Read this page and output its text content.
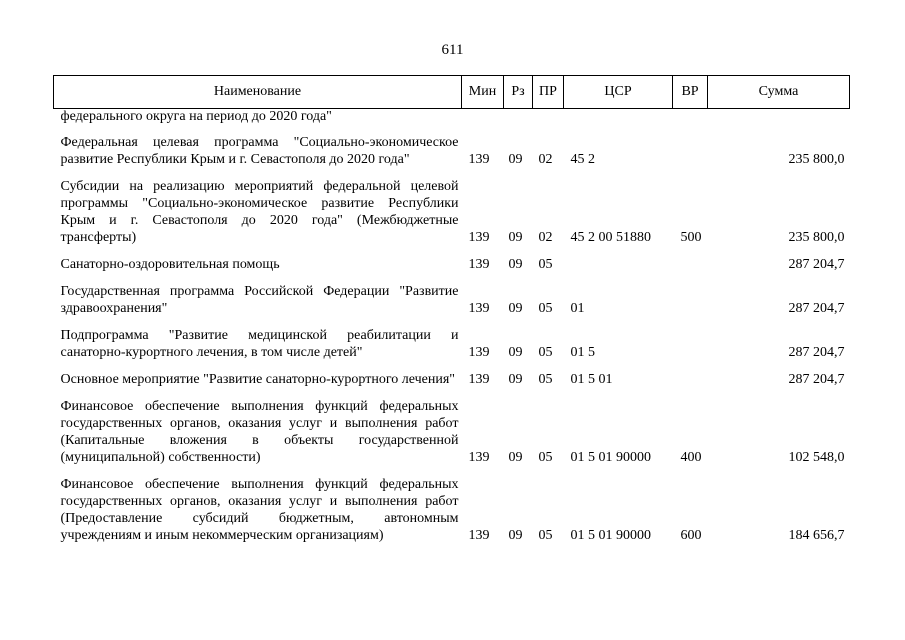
611
Наименование	Мин	Рз	ПР	ЦСР	ВР	Сумма
федерального округа на период до 2020 года"						

Федеральная целевая программа "Социально-экономическое развитие Республики Крым и г. Севастополя до 2020 года"	139	09	02	45 2		235 800,0

Субсидии на реализацию мероприятий федеральной целевой программы "Социально-экономическое развитие Республики Крым и г. Севастополя до 2020 года" (Межбюджетные трансферты)	139	09	02	45 2 00 51880	500	235 800,0

Санаторно-оздоровительная помощь	139	09	05			287 204,7

Государственная программа Российской Федерации "Развитие здравоохранения"	139	09	05	01		287 204,7

Подпрограмма "Развитие медицинской реабилитации и санаторно-курортного лечения, в том числе детей"	139	09	05	01 5		287 204,7

Основное мероприятие "Развитие санаторно-курортного лечения"	139	09	05	01 5 01		287 204,7

Финансовое обеспечение выполнения функций федеральных государственных органов, оказания услуг и выполнения работ (Капитальные вложения в объекты государственной (муниципальной) собственности)	139	09	05	01 5 01 90000	400	102 548,0

Финансовое обеспечение выполнения функций федеральных государственных органов, оказания услуг и выполнения работ (Предоставление субсидий бюджетным, автономным учреждениям и иным некоммерческим организациям)	139	09	05	01 5 01 90000	600	184 656,7
